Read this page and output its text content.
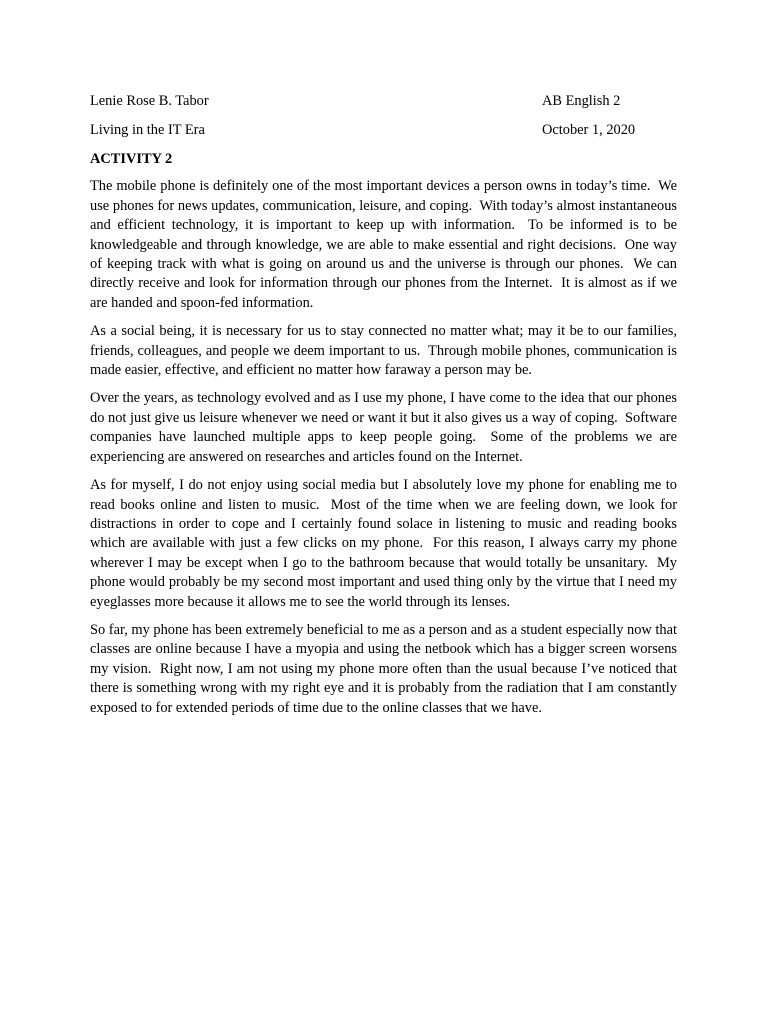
Lenie Rose B. Tabor	AB English 2
Living in the IT Era	October 1, 2020
ACTIVITY 2

The mobile phone is definitely one of the most important devices a person owns in today’s time.  We use phones for news updates, communication, leisure, and coping.  With today’s almost instantaneous and efficient technology, it is important to keep up with information.  To be informed is to be knowledgeable and through knowledge, we are able to make essential and right decisions.  One way of keeping track with what is going on around us and the universe is through our phones.  We can directly receive and look for information through our phones from the Internet.  It is almost as if we are handed and spoon-fed information.

As a social being, it is necessary for us to stay connected no matter what; may it be to our families, friends, colleagues, and people we deem important to us.  Through mobile phones, communication is made easier, effective, and efficient no matter how faraway a person may be.

Over the years, as technology evolved and as I use my phone, I have come to the idea that our phones do not just give us leisure whenever we need or want it but it also gives us a way of coping.  Software companies have launched multiple apps to keep people going.  Some of the problems we are experiencing are answered on researches and articles found on the Internet.

As for myself, I do not enjoy using social media but I absolutely love my phone for enabling me to read books online and listen to music.  Most of the time when we are feeling down, we look for distractions in order to cope and I certainly found solace in listening to music and reading books which are available with just a few clicks on my phone.  For this reason, I always carry my phone wherever I may be except when I go to the bathroom because that would totally be unsanitary.  My phone would probably be my second most important and used thing only by the virtue that I need my eyeglasses more because it allows me to see the world through its lenses.

So far, my phone has been extremely beneficial to me as a person and as a student especially now that classes are online because I have a myopia and using the netbook which has a bigger screen worsens my vision.  Right now, I am not using my phone more often than the usual because I’ve noticed that there is something wrong with my right eye and it is probably from the radiation that I am constantly exposed to for extended periods of time due to the online classes that we have.
